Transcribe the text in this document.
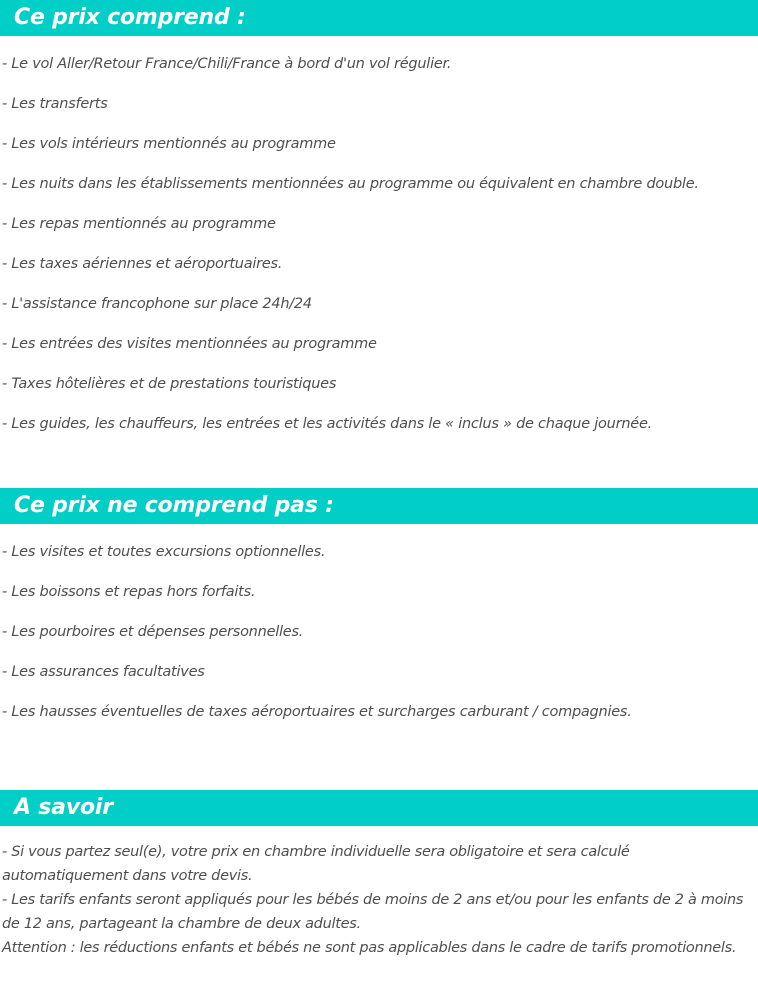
Ce prix comprend :
- Le vol Aller/Retour France/Chili/France à bord d'un vol régulier.
- Les transferts
- Les vols intérieurs mentionnés au programme
- Les nuits dans les établissements mentionnées au programme ou équivalent en chambre double.
- Les repas mentionnés au programme
- Les taxes aériennes et aéroportuaires.
- L'assistance francophone sur place 24h/24
- Les entrées des visites mentionnées au programme
- Taxes hôtelières et de prestations touristiques
- Les guides, les chauffeurs, les entrées et les activités dans le « inclus » de chaque journée.
Ce prix ne comprend pas :
- Les visites et toutes excursions optionnelles.
- Les boissons et repas hors forfaits.
- Les pourboires et dépenses personnelles.
- Les assurances facultatives
- Les hausses éventuelles de taxes aéroportuaires et surcharges carburant / compagnies.
A savoir
- Si vous partez seul(e), votre prix en chambre individuelle sera obligatoire et sera calculé automatiquement dans votre devis.
- Les tarifs enfants seront appliqués pour les bébés de moins de 2 ans et/ou pour les enfants de 2 à moins de 12 ans, partageant la chambre de deux adultes.
Attention : les réductions enfants et bébés ne sont pas applicables dans le cadre de tarifs promotionnels.
